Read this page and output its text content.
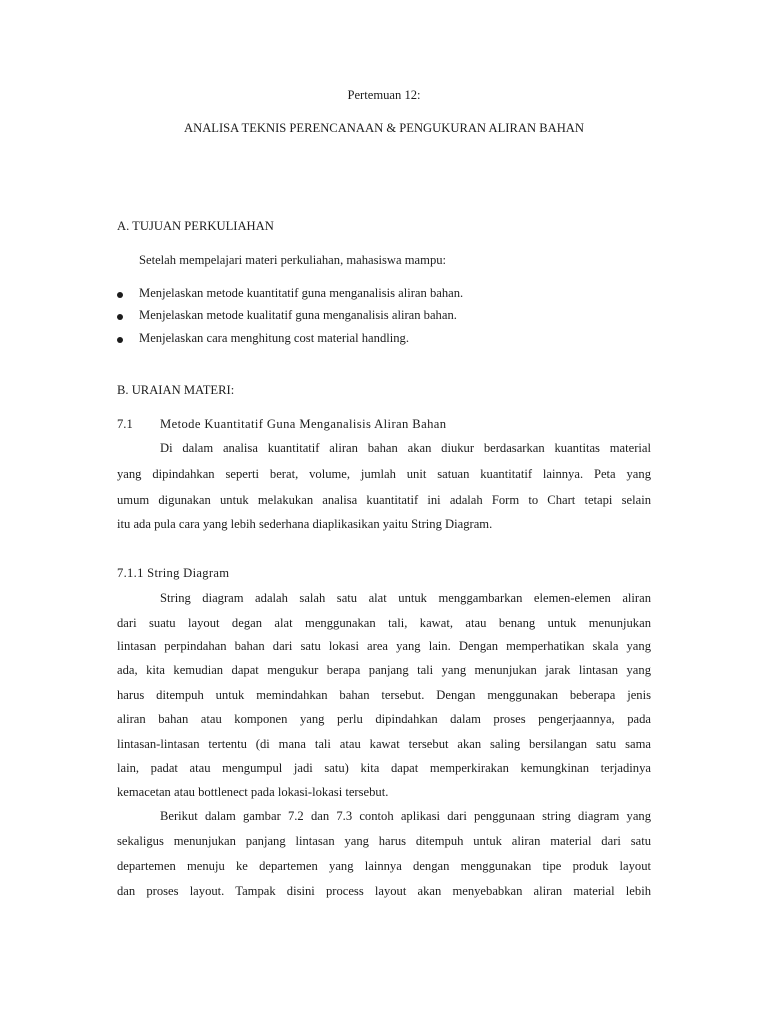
Pertemuan 12:
ANALISA TEKNIS PERENCANAAN & PENGUKURAN ALIRAN BAHAN
A. TUJUAN PERKULIAHAN
Setelah mempelajari materi perkuliahan, mahasiswa mampu:
Menjelaskan metode kuantitatif guna menganalisis aliran bahan.
Menjelaskan metode kualitatif guna menganalisis aliran bahan.
Menjelaskan cara menghitung cost material handling.
B. URAIAN MATERI:
7.1 Metode Kuantitatif Guna Menganalisis Aliran Bahan
Di dalam analisa kuantitatif aliran bahan akan diukur berdasarkan kuantitas material
yang dipindahkan seperti berat, volume, jumlah unit satuan kuantitatif lainnya. Peta yang
umum digunakan untuk melakukan analisa kuantitatif ini adalah Form to Chart tetapi selain
itu ada pula cara yang lebih sederhana diaplikasikan yaitu String Diagram.
7.1.1 String Diagram
String diagram adalah salah satu alat untuk menggambarkan elemen-elemen aliran
dari suatu layout degan alat menggunakan tali, kawat, atau benang untuk menunjukan
lintasan perpindahan bahan dari satu lokasi area yang lain. Dengan memperhatikan skala yang
ada, kita kemudian dapat mengukur berapa panjang tali yang menunjukan jarak lintasan yang
harus ditempuh untuk memindahkan bahan tersebut. Dengan menggunakan beberapa jenis
aliran bahan atau komponen yang perlu dipindahkan dalam proses pengerjaannya, pada
lintasan-lintasan tertentu (di mana tali atau kawat tersebut akan saling bersilangan satu sama
lain, padat atau mengumpul jadi satu) kita dapat memperkirakan kemungkinan terjadinya
kemacetan atau bottlenect pada lokasi-lokasi tersebut.
Berikut dalam gambar 7.2 dan 7.3 contoh aplikasi dari penggunaan string diagram yang
sekaligus menunjukan panjang lintasan yang harus ditempuh untuk aliran material dari satu
departemen menuju ke departemen yang lainnya dengan menggunakan tipe produk layout
dan proses layout. Tampak disini process layout akan menyebabkan aliran material lebih
